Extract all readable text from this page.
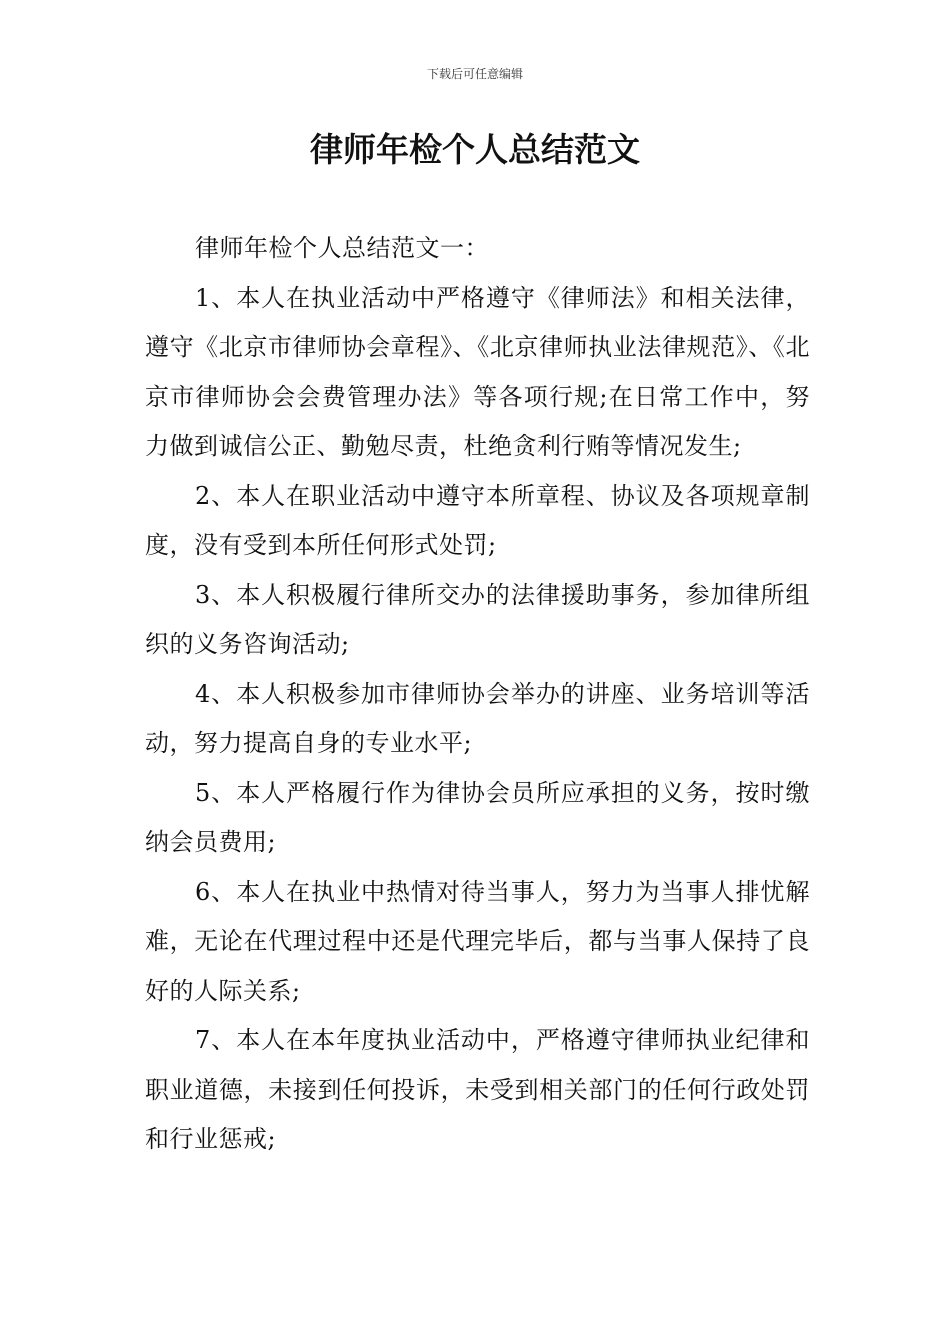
下载后可任意编辑
律师年检个人总结范文

律师年检个人总结范文一：

1、本人在执业活动中严格遵守《律师法》和相关法律，遵守《北京市律师协会章程》、《北京律师执业法律规范》、《北京市律师协会会费管理办法》等各项行规;在日常工作中，努力做到诚信公正、勤勉尽责，杜绝贪利行贿等情况发生;

2、本人在职业活动中遵守本所章程、协议及各项规章制度，没有受到本所任何形式处罚;

3、本人积极履行律所交办的法律援助事务，参加律所组织的义务咨询活动;

4、本人积极参加市律师协会举办的讲座、业务培训等活动，努力提高自身的专业水平;

5、本人严格履行作为律协会员所应承担的义务，按时缴纳会员费用;

6、本人在执业中热情对待当事人，努力为当事人排忧解难，无论在代理过程中还是代理完毕后，都与当事人保持了良好的人际关系;

7、本人在本年度执业活动中，严格遵守律师执业纪律和职业道德，未接到任何投诉，未受到相关部门的任何行政处罚和行业惩戒;
